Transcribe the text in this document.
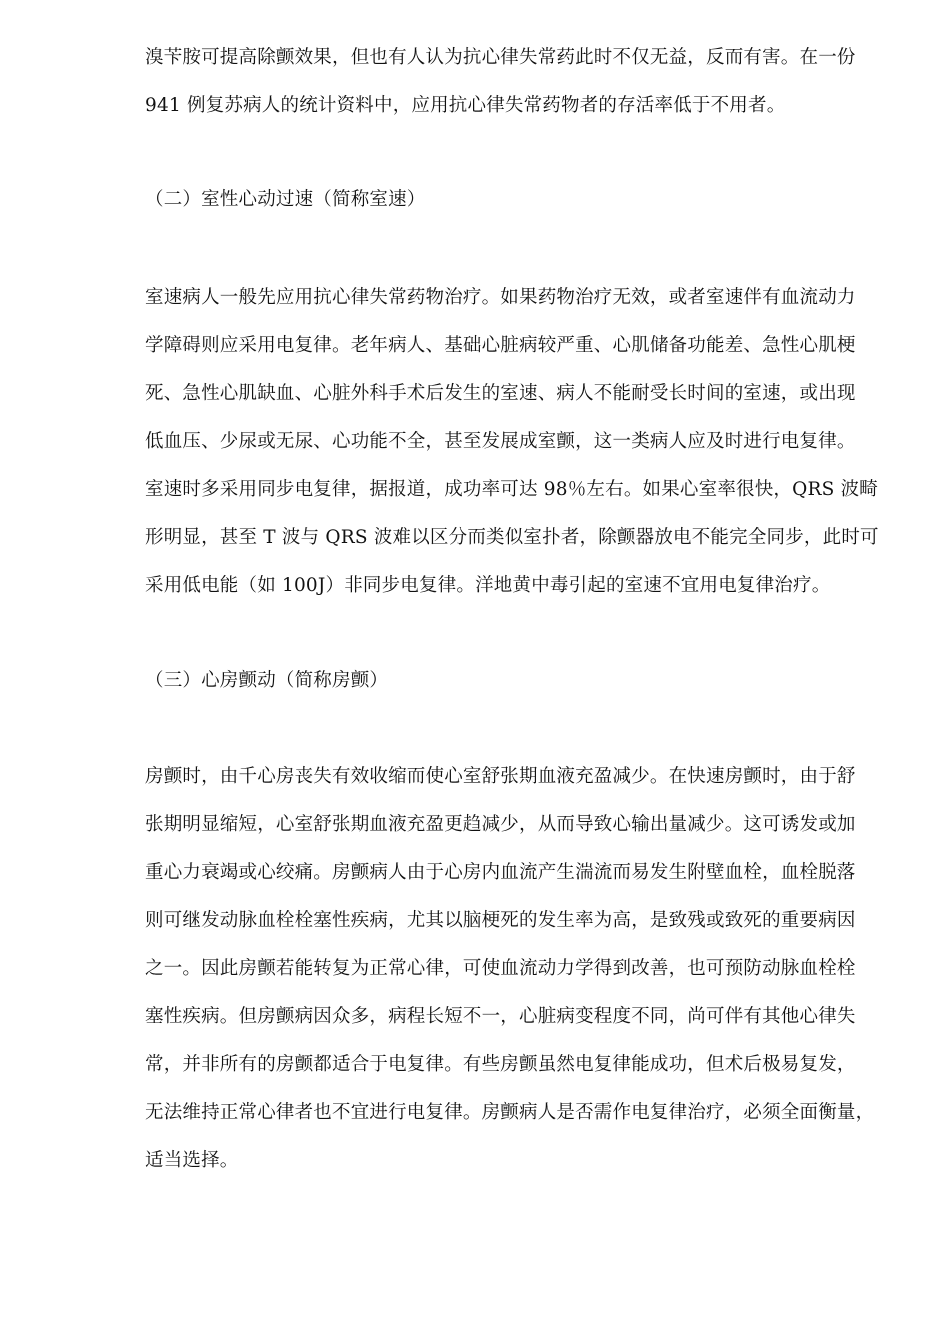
溴苄胺可提高除颤效果，但也有人认为抗心律失常药此时不仅无益，反而有害。在一份
941 例复苏病人的统计资料中，应用抗心律失常药物者的存活率低于不用者。
（二）室性心动过速（简称室速）
室速病人一般先应用抗心律失常药物治疗。如果药物治疗无效，或者室速伴有血流动力
学障碍则应采用电复律。老年病人、基础心脏病较严重、心肌储备功能差、急性心肌梗
死、急性心肌缺血、心脏外科手术后发生的室速、病人不能耐受长时间的室速，或出现
低血压、少尿或无尿、心功能不全，甚至发展成室颤，这一类病人应及时进行电复律。
室速时多采用同步电复律，据报道，成功率可达 98％左右。如果心室率很快，QRS 波畸
形明显，甚至 T 波与 QRS 波难以区分而类似室扑者，除颤器放电不能完全同步，此时可
采用低电能（如 100J）非同步电复律。洋地黄中毒引起的室速不宜用电复律治疗。
（三）心房颤动（简称房颤）
房颤时，由千心房丧失有效收缩而使心室舒张期血液充盈减少。在快速房颤时，由于舒
张期明显缩短，心室舒张期血液充盈更趋减少，从而导致心输出量减少。这可诱发或加
重心力衰竭或心绞痛。房颤病人由于心房内血流产生湍流而易发生附壁血栓，血栓脱落
则可继发动脉血栓栓塞性疾病，尤其以脑梗死的发生率为高，是致残或致死的重要病因
之一。因此房颤若能转复为正常心律，可使血流动力学得到改善，也可预防动脉血栓栓
塞性疾病。但房颤病因众多，病程长短不一，心脏病变程度不同，尚可伴有其他心律失
常，并非所有的房颤都适合于电复律。有些房颤虽然电复律能成功，但术后极易复发，
无法维持正常心律者也不宜进行电复律。房颤病人是否需作电复律治疗，必须全面衡量，
适当选择。
